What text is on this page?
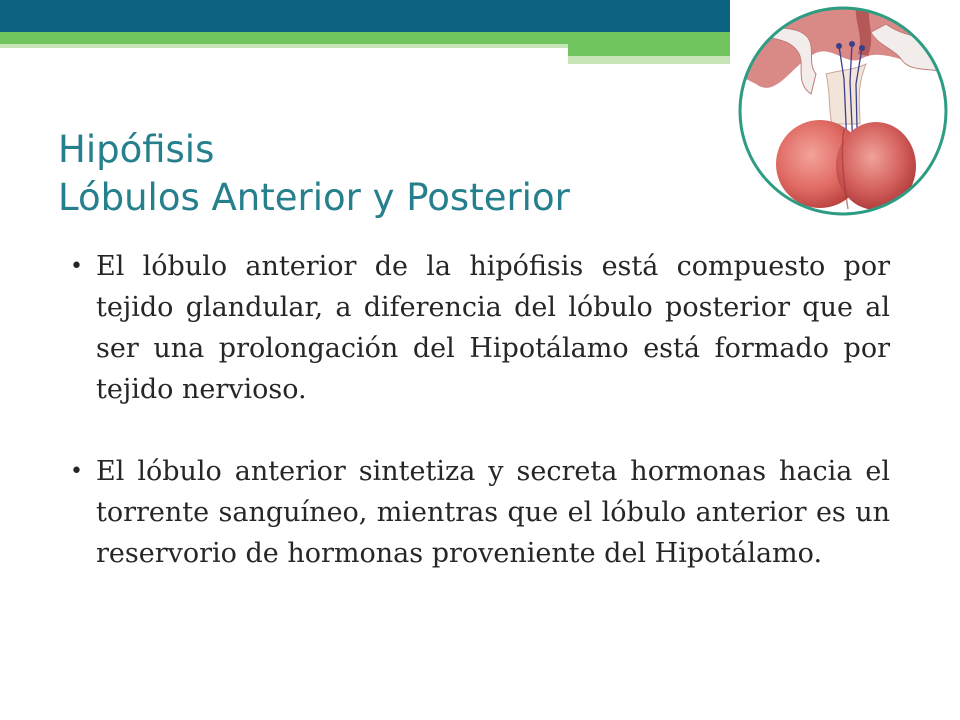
Hipófisis
Lóbulos Anterior y Posterior
• El lóbulo anterior de la hipófisis está compuesto por tejido glandular, a diferencia del lóbulo posterior que al ser una prolongación del Hipotálamo está formado por tejido nervioso.
• El lóbulo anterior sintetiza y secreta hormonas hacia el torrente sanguíneo, mientras que el lóbulo anterior es un reservorio de hormonas proveniente del Hipotálamo.
